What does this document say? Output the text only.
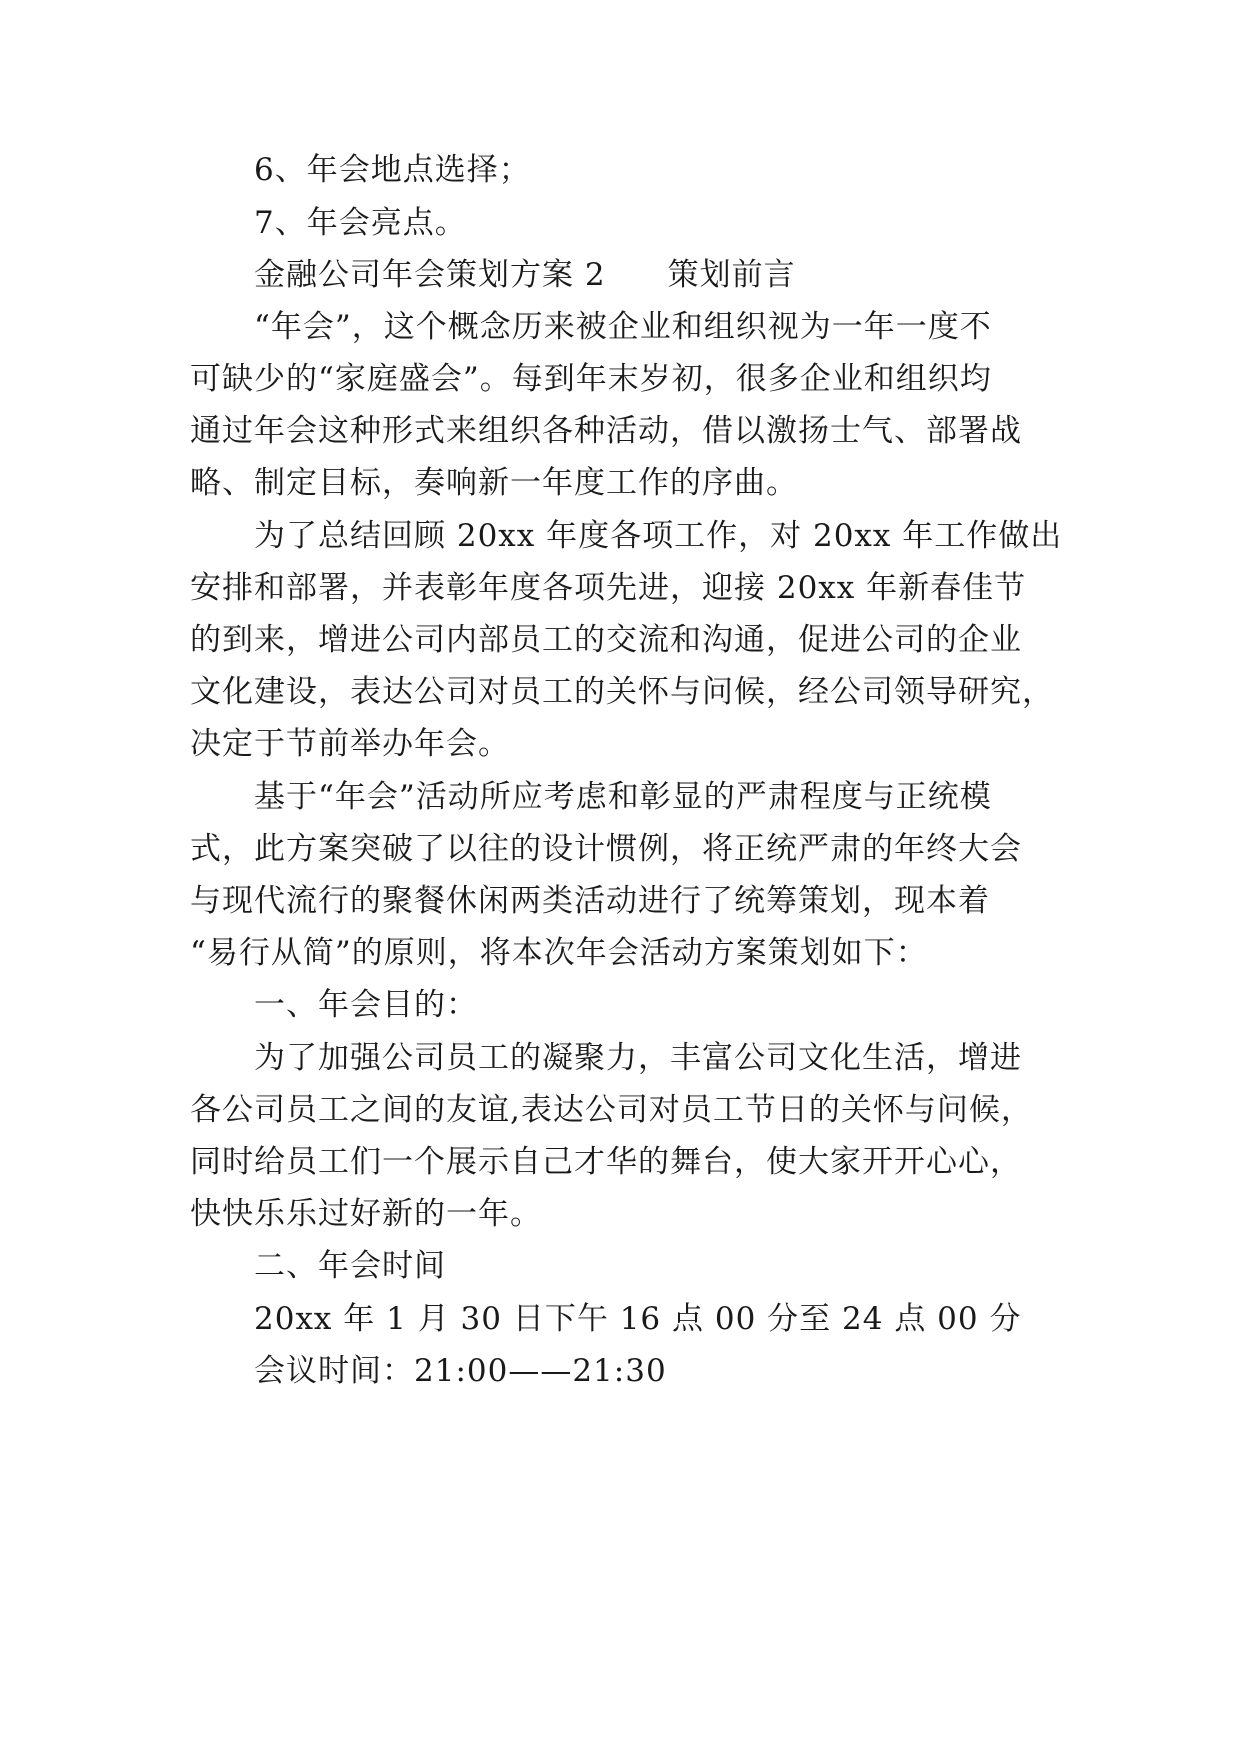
6、年会地点选择；
7、年会亮点。
金融公司年会策划方案 2 策划前言
“年会”，这个概念历来被企业和组织视为一年一度不
可缺少的“家庭盛会”。每到年末岁初，很多企业和组织均
通过年会这种形式来组织各种活动，借以激扬士气、部署战
略、制定目标，奏响新一年度工作的序曲。
为了总结回顾 20xx 年度各项工作，对 20xx 年工作做出
安排和部署，并表彰年度各项先进，迎接 20xx 年新春佳节
的到来，增进公司内部员工的交流和沟通，促进公司的企业
文化建设，表达公司对员工的关怀与问候，经公司领导研究，
决定于节前举办年会。
基于“年会”活动所应考虑和彰显的严肃程度与正统模
式，此方案突破了以往的设计惯例，将正统严肃的年终大会
与现代流行的聚餐休闲两类活动进行了统筹策划，现本着
“易行从简”的原则，将本次年会活动方案策划如下：
一、年会目的：
为了加强公司员工的凝聚力，丰富公司文化生活，增进
各公司员工之间的友谊,表达公司对员工节日的关怀与问候，
同时给员工们一个展示自己才华的舞台，使大家开开心心，
快快乐乐过好新的一年。
二、年会时间
20xx 年 1 月 30 日下午 16 点 00 分至 24 点 00 分
会议时间：21:00——21:30
